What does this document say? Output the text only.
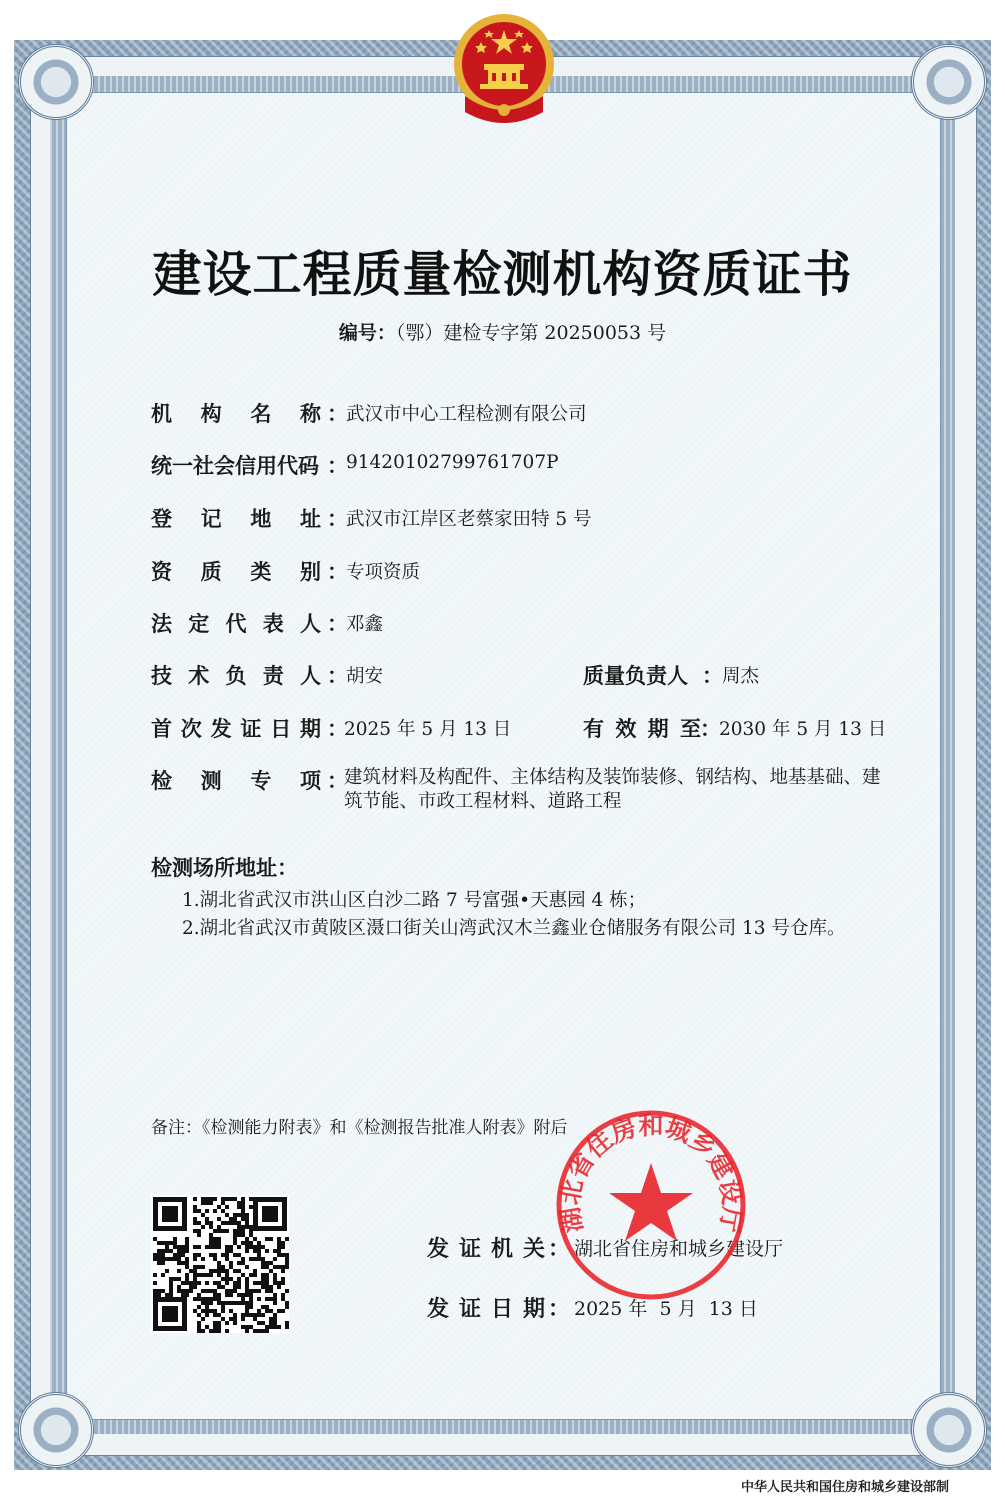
建设工程质量检测机构资质证书
编号：（鄂）建检专字第 20250053 号
机 构 名 称 ：
武汉市中心工程检测有限公司
统一社会信用代码 ：
91420102799761707P
登 记 地 址 ：
武汉市江岸区老蔡家田特 5 号
资 质 类 别 ：
专项资质
法 定 代 表 人 ：
邓鑫
技 术 负 责 人 ：
胡安	质量负责人 ： 周杰
首 次 发 证 日 期 ：
2025 年 5 月 13 日	有 效 期 至 ：
2030 年 5 月 13 日
检 测 专 项 ：
建筑材料及构配件、主体结构及装饰装修、钢结构、地基基础、建筑节能、市政工程材料、道路工程
检测场所地址：
1.湖北省武汉市洪山区白沙二路 7 号富强•天惠园 4 栋；
2.湖北省武汉市黄陂区滠口街关山湾武汉木兰鑫业仓储服务有限公司 13 号仓库。
备注：《检测能力附表》和《检测报告批准人附表》附后
发 证 机 关 ： 湖北省住房和城乡建设厅
发 证 日 期 ： 2025 年  5 月  13 日
湖北省住房和城乡建设厅
中华人民共和国住房和城乡建设部制
